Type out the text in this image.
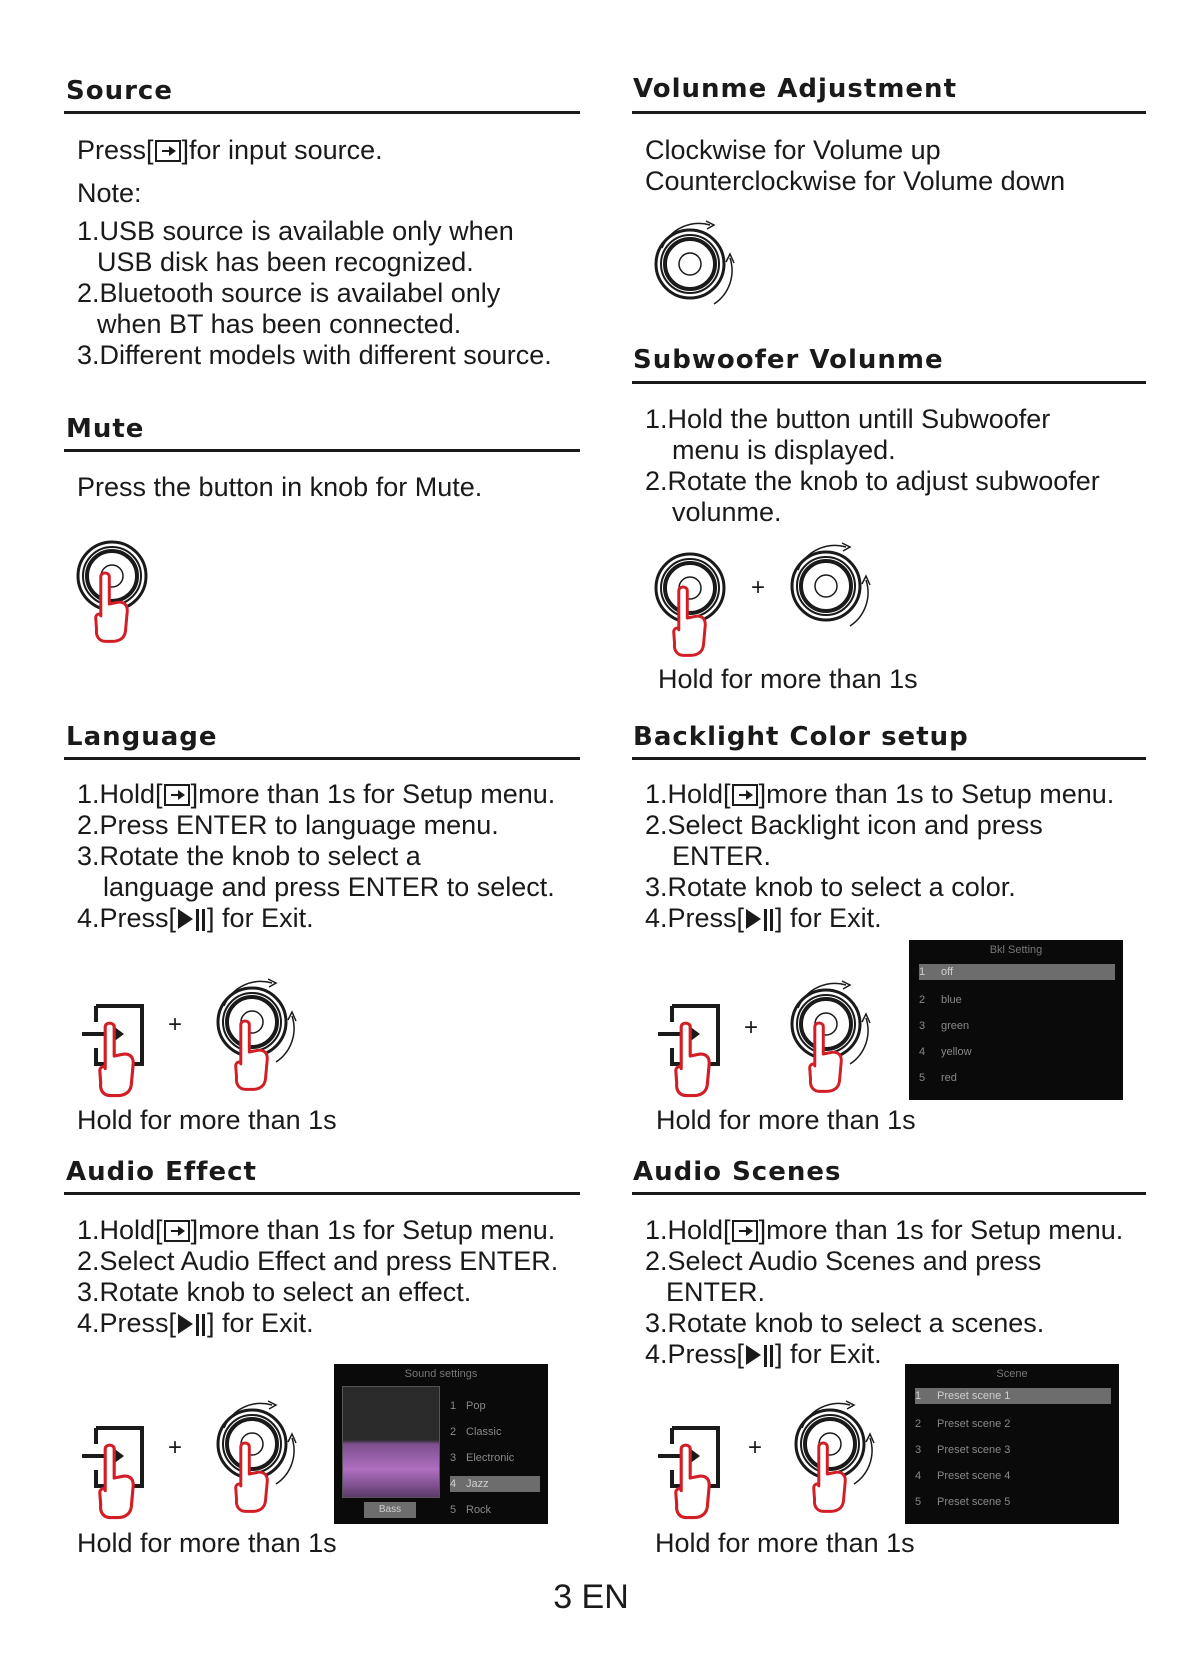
Source
Press[ ]for input source.
Note:
1.USB source is available only when
USB disk has been recognized.
2.Bluetooth source is availabel only
when BT has been connected.
3.Different models with different source.
Volunme Adjustment
Clockwise for Volume up
Counterclockwise for Volume down
Mute
Press the button in knob for Mute.
Subwoofer Volunme
1.Hold the button untill Subwoofer
menu is displayed.
2.Rotate the knob to adjust subwoofer
volunme.
+
Hold for more than 1s
Language
1.Hold[ ]more than 1s for Setup menu.
2.Press ENTER to language menu.
3.Rotate the knob to select a
language and press ENTER to select.
4.Press[ ] for Exit.
+
Hold for more than 1s
Backlight Color setup
1.Hold[ ]more than 1s to Setup menu.
2.Select Backlight icon and press
ENTER.
3.Rotate knob to select a color.
4.Press[ ] for Exit.
+
Bkl Setting
1 off
2 blue
3 green
4 yellow
5 red
Hold for more than 1s
Audio Effect
1.Hold[ ]more than 1s for Setup menu.
2.Select Audio Effect and press ENTER.
3.Rotate knob to select an effect.
4.Press[ ] for Exit.
+
Sound settings
Bass
1 Pop
2 Classic
3 Electronic
4 Jazz
5 Rock
Hold for more than 1s
Audio Scenes
1.Hold[ ]more than 1s for Setup menu.
2.Select Audio Scenes and press
ENTER.
3.Rotate knob to select a scenes.
4.Press[ ] for Exit.
+
Scene
1 Preset scene 1
2 Preset scene 2
3 Preset scene 3
4 Preset scene 4
5 Preset scene 5
Hold for more than 1s
3 EN
